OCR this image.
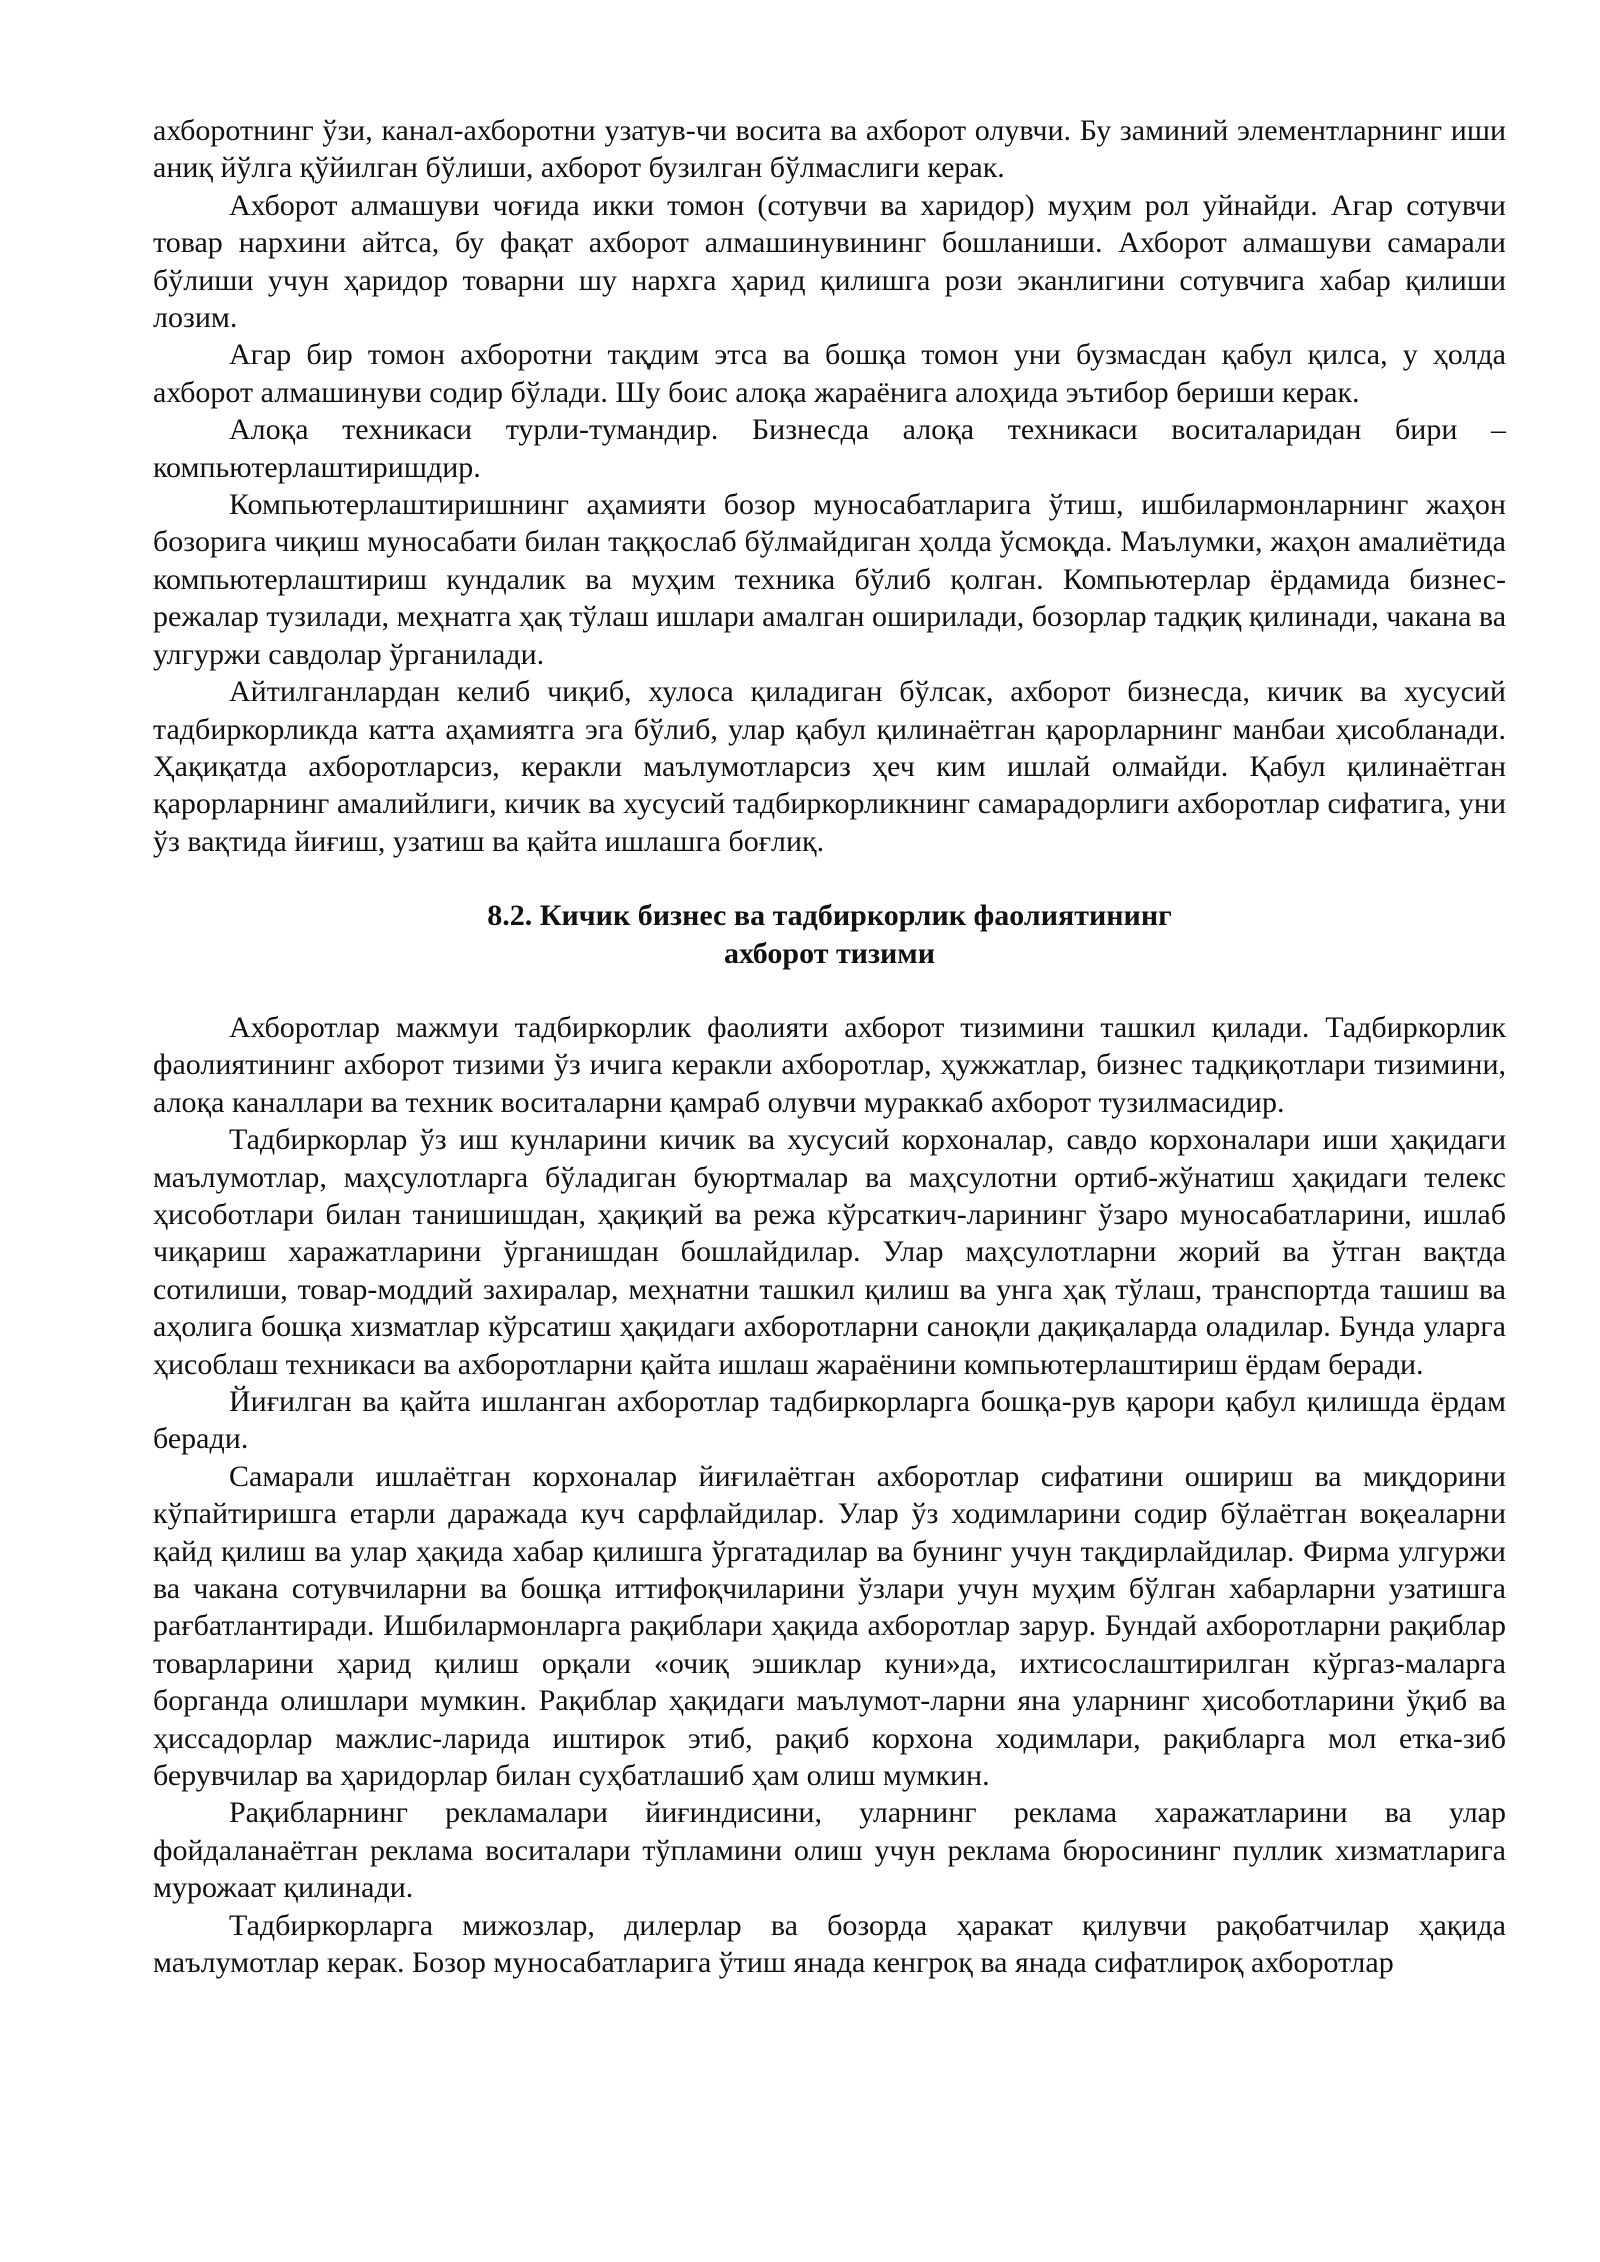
ахборотнинг ўзи, канал-ахборотни узатув-чи восита ва ахборот олувчи. Бу заминий элементларнинг иши аниқ йўлга қўйилган бўлиши, ахборот бузилган бўлмаслиги керак.

Ахборот алмашуви чоғида икки томон (сотувчи ва харидор) муҳим рол уйнайди. Агар сотувчи товар нархини айтса, бу фақат ахборот алмашинувининг бошланиши. Ахборот алмашуви самарали бўлиши учун ҳаридор товарни шу нархга ҳарид қилишга рози эканлигини сотувчига хабар қилиши лозим.

Агар бир томон ахборотни тақдим этса ва бошқа томон уни бузмасдан қабул қилса, у ҳолда ахборот алмашинуви содир бўлади. Шу боис алоқа жараёнига алоҳида эътибор бериши керак.

Алоқа техникаси турли-тумандир. Бизнесда алоқа техникаси воситаларидан бири – компьютерлаштиришдир.

Компьютерлаштиришнинг аҳамияти бозор муносабатларига ўтиш, ишбилармонларнинг жаҳон бозорига чиқиш муносабати билан таққослаб бўлмайдиган ҳолда ўсмоқда. Маълумки, жаҳон амалиётида компьютерлаштириш кундалик ва муҳим техника бўлиб қолган. Компьютерлар ёрдамида бизнес-режалар тузилади, меҳнатга ҳақ тўлаш ишлари амалган оширилади, бозорлар тадқиқ қилинади, чакана ва улгуржи савдолар ўрганилади.

Айтилганлардан келиб чиқиб, хулоса қиладиган бўлсак, ахборот бизнесда, кичик ва хусусий тадбиркорликда катта аҳамиятга эга бўлиб, улар қабул қилинаётган қарорларнинг манбаи ҳисобланади. Ҳақиқатда ахборотларсиз, керакли маълумотларсиз ҳеч ким ишлай олмайди. Қабул қилинаётган қарорларнинг амалийлиги, кичик ва хусусий тадбиркорликнинг самарадорлиги ахборотлар сифатига, уни ўз вақтида йиғиш, узатиш ва қайта ишлашга боғлиқ.

8.2. Кичик бизнес ва тадбиркорлик фаолиятининг
ахборот тизими

Ахборотлар мажмуи тадбиркорлик фаолияти ахборот тизимини ташкил қилади. Тадбиркорлик фаолиятининг ахборот тизими ўз ичига керакли ахборотлар, ҳужжатлар, бизнес тадқиқотлари тизимини, алоқа каналлари ва техник воситаларни қамраб олувчи мураккаб ахборот тузилмасидир.

Тадбиркорлар ўз иш кунларини кичик ва хусусий корхоналар, савдо корхоналари иши ҳақидаги маълумотлар, маҳсулотларга бўладиган буюртмалар ва маҳсулотни ортиб-жўнатиш ҳақидаги телекс ҳисоботлари билан танишишдан, ҳақиқий ва режа кўрсаткич-ларининг ўзаро муносабатларини, ишлаб чиқариш харажатларини ўрганишдан бошлайдилар. Улар маҳсулотларни жорий ва ўтган вақтда сотилиши, товар-моддий захиралар, меҳнатни ташкил қилиш ва унга ҳақ тўлаш, транспортда ташиш ва аҳолига бошқа хизматлар кўрсатиш ҳақидаги ахборотларни саноқли дақиқаларда оладилар. Бунда уларга ҳисоблаш техникаси ва ахборотларни қайта ишлаш жараёнини компьютерлаштириш ёрдам беради.

Йиғилган ва қайта ишланган ахборотлар тадбиркорларга бошқа-рув қарори қабул қилишда ёрдам беради.

Самарали ишлаётган корхоналар йиғилаётган ахборотлар сифатини ошириш ва миқдорини кўпайтиришга етарли даражада куч сарфлайдилар. Улар ўз ходимларини содир бўлаётган воқеаларни қайд қилиш ва улар ҳақида хабар қилишга ўргатадилар ва бунинг учун тақдирлайдилар. Фирма улгуржи ва чакана сотувчиларни ва бошқа иттифоқчиларини ўзлари учун муҳим бўлган хабарларни узатишга рағбатлантиради. Ишбилармонларга рақиблари ҳақида ахборотлар зарур. Бундай ахборотларни рақиблар товарларини ҳарид қилиш орқали «очиқ эшиклар куни»да, ихтисослаштирилган кўргаз-маларга борганда олишлари мумкин. Рақиблар ҳақидаги маълумот-ларни яна уларнинг ҳисоботларини ўқиб ва ҳиссадорлар мажлис-ларида иштирок этиб, рақиб корхона ходимлари, рақибларга мол етка-зиб берувчилар ва ҳаридорлар билан суҳбатлашиб ҳам олиш мумкин.

Рақибларнинг рекламалари йиғиндисини, уларнинг реклама харажатларини ва улар фойдаланаётган реклама воситалари тўпламини олиш учун реклама бюросининг пуллик хизматларига мурожаат қилинади.

Тадбиркорларга мижозлар, дилерлар ва бозорда ҳаракат қилувчи рақобатчилар ҳақида маълумотлар керак. Бозор муносабатларига ўтиш янада кенгроқ ва янада сифатлироқ ахборотлар
